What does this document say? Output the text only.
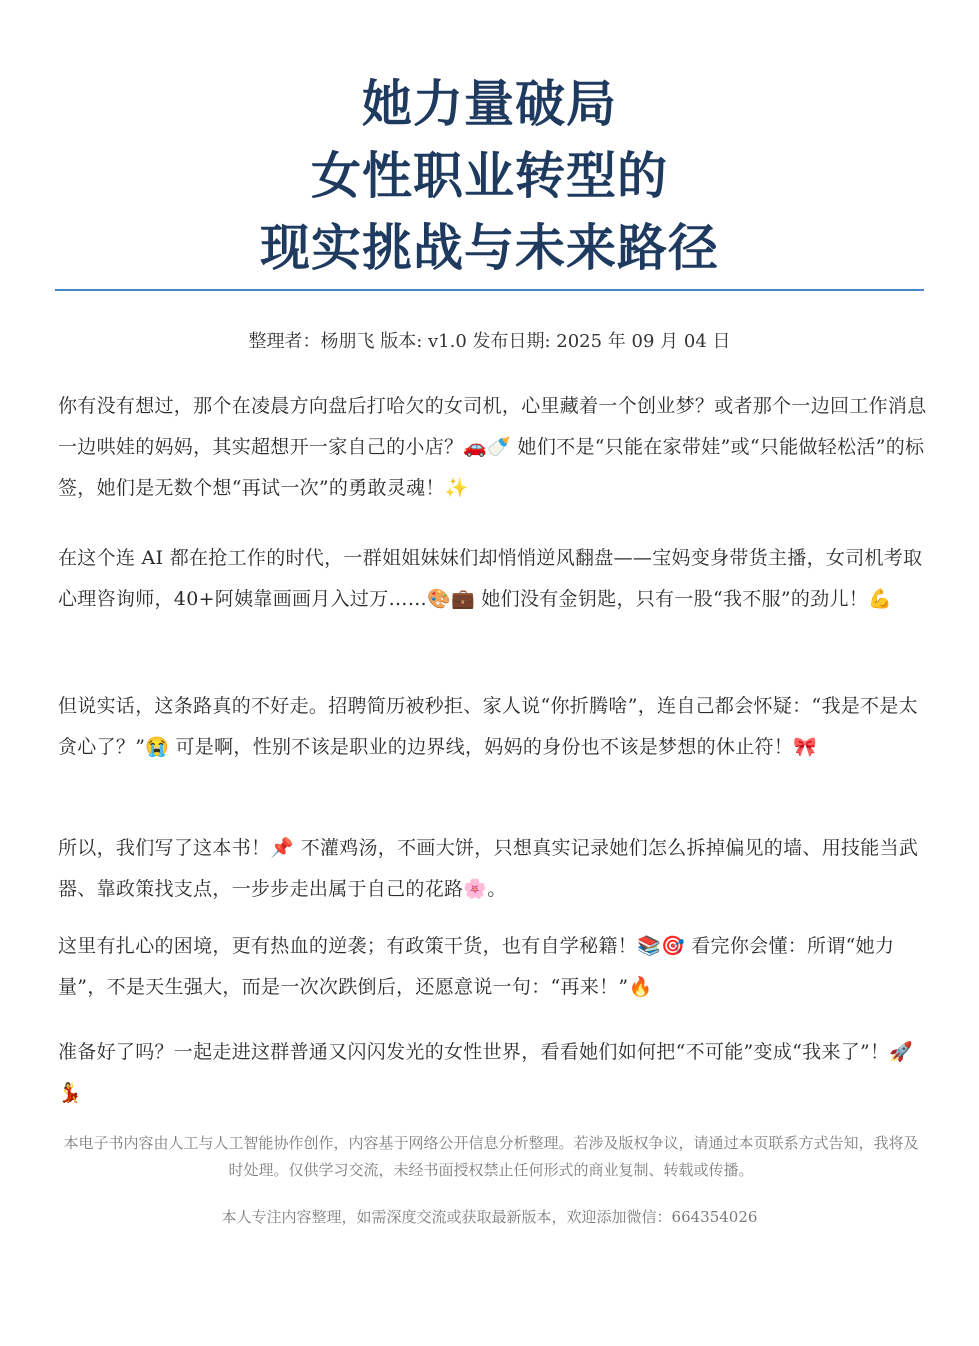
她力量破局
女性职业转型的
现实挑战与未来路径
整理者：杨朋飞 版本: v1.0 发布日期: 2025 年 09 月 04 日
你有没有想过，那个在凌晨方向盘后打哈欠的女司机，心里藏着一个创业梦？或者那个一边回工作消息一边哄娃的妈妈，其实超想开一家自己的小店？🚗🍼 她们不是“只能在家带娃”或“只能做轻松活”的标签，她们是无数个想“再试一次”的勇敢灵魂！✨
在这个连 AI 都在抢工作的时代，一群姐姐妹妹们却悄悄逆风翻盘——宝妈变身带货主播，女司机考取心理咨询师，40+阿姨靠画画月入过万……🎨💼 她们没有金钥匙，只有一股“我不服”的劲儿！💪
但说实话，这条路真的不好走。招聘简历被秒拒、家人说“你折腾啥”，连自己都会怀疑：“我是不是太贪心了？”😭 可是啊，性别不该是职业的边界线，妈妈的身份也不该是梦想的休止符！🎀
所以，我们写了这本书！📌 不灌鸡汤，不画大饼，只想真实记录她们怎么拆掉偏见的墙、用技能当武器、靠政策找支点，一步步走出属于自己的花路🌸。
这里有扎心的困境，更有热血的逆袭；有政策干货，也有自学秘籍！📚🎯 看完你会懂：所谓“她力量”，不是天生强大，而是一次次跌倒后，还愿意说一句：“再来！”🔥
准备好了吗？一起走进这群普通又闪闪发光的女性世界，看看她们如何把“不可能”变成“我来了”！🚀💃
本电子书内容由人工与人工智能协作创作，内容基于网络公开信息分析整理。若涉及版权争议，请通过本页联系方式告知，我将及时处理。仅供学习交流，未经书面授权禁止任何形式的商业复制、转载或传播。
本人专注内容整理，如需深度交流或获取最新版本，欢迎添加微信：664354026
